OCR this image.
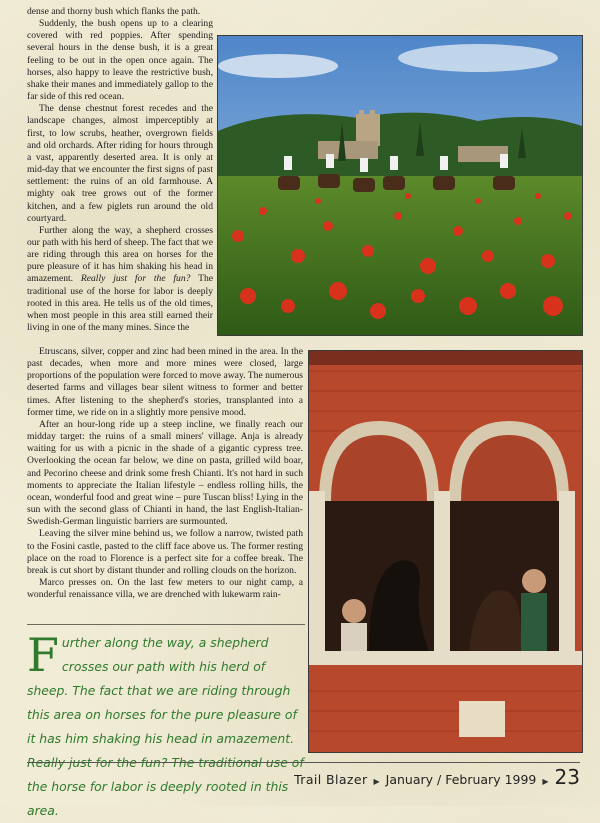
dense and thorny bush which flanks the path.

Suddenly, the bush opens up to a clearing covered with red poppies. After spending several hours in the dense bush, it is a great feeling to be out in the open once again. The horses, also happy to leave the restrictive bush, shake their manes and immediately gallop to the far side of this red ocean.

The dense chestnut forest recedes and the landscape changes, almost imperceptibly at first, to low scrubs, heather, overgrown fields and old orchards. After riding for hours through a vast, apparently deserted area. It is only at mid-day that we encounter the first signs of past settlement: the ruins of an old farmhouse. A mighty oak tree grows out of the former kitchen, and a few piglets run around the old courtyard.

Further along the way, a shepherd crosses our path with his herd of sheep. The fact that we are riding through this area on horses for the pure pleasure of it has him shaking his head in amazement. Really just for the fun? The traditional use of the horse for labor is deeply rooted in this area. He tells us of the old times, when most people in this area still earned their living in one of the many mines. Since the

Etruscans, silver, copper and zinc had been mined in the area. In the past decades, when more and more mines were closed, large proportions of the population were forced to move away. The numerous deserted farms and villages bear silent witness to former and better times. After listening to the shepherd's stories, transplanted into a former time, we ride on in a slightly more pensive mood.

After an hour-long ride up a steep incline, we finally reach our midday target: the ruins of a small miners' village. Anja is already waiting for us with a picnic in the shade of a gigantic cypress tree. Overlooking the ocean far below, we dine on pasta, grilled wild boar, and Pecorino cheese and drink some fresh Chianti. It's not hard in such moments to appreciate the Italian lifestyle – endless rolling hills, the ocean, wonderful food and great wine – pure Tuscan bliss! Lying in the sun with the second glass of Chianti in hand, the last English-Italian-Swedish-German linguistic barriers are surmounted.

Leaving the silver mine behind us, we follow a narrow, twisted path to the Fosini castle, pasted to the cliff face above us. The former resting place on the road to Florence is a perfect site for a coffee break. The break is cut short by distant thunder and rolling clouds on the horizon.

Marco presses on. On the last few meters to our night camp, a wonderful renaissance villa, we are drenched with lukewarm rain-

Further along the way, a shepherd crosses our path with his herd of sheep. The fact that we are riding through this area on horses for the pure pleasure of it has him shaking his head in amazement. Really just for the fun? The traditional use of the horse for labor is deeply rooted in this area.
Trail Blazer ▶ January / February 1999 ▶ 23
